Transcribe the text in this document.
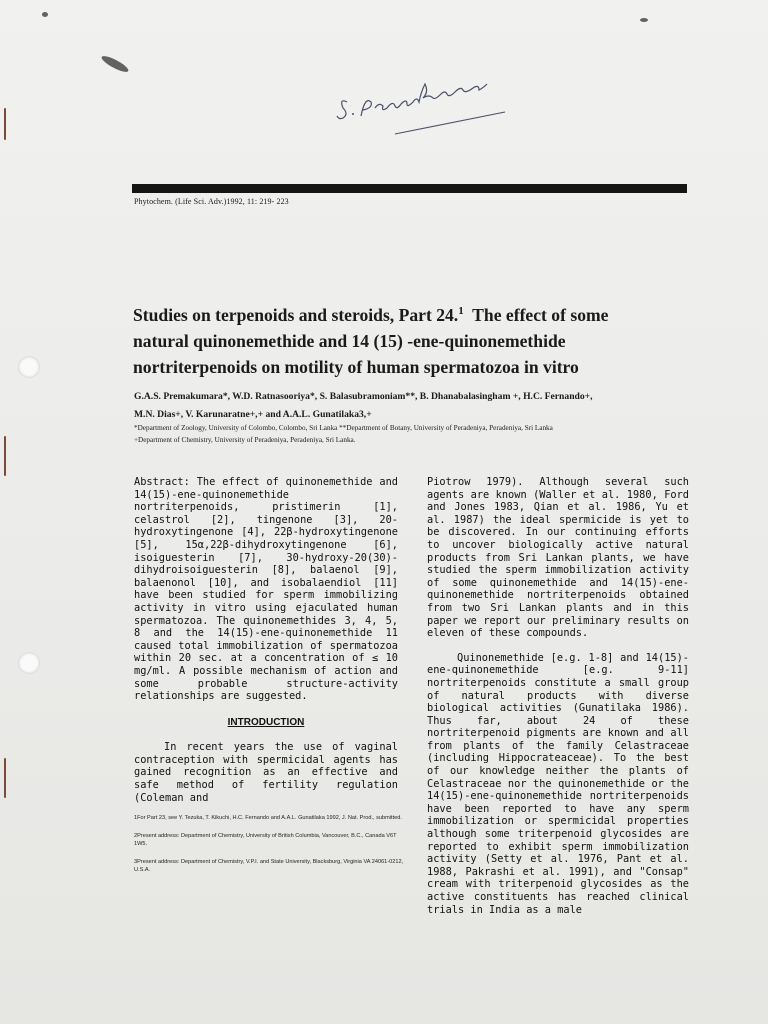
Phytochem. (Life Sci. Adv.)1992, 11: 219- 223
Studies on terpenoids and steroids, Part 24.$^1$  The effect of some
natural quinonemethide and 14 (15) -ene-quinonemethide
nortriterpenoids on motility of human spermatozoa in vitro
G.A.S. Premakumara*, W.D. Ratnasooriya*, S. Balasubramoniam**, B. Dhanabalasingham +, H.C. Fernando+,
M.N. Dias+, V. Karunaratne+,+ and A.A.L. Gunatilaka3,+
*Department of Zoology, University of Colombo, Colombo, Sri Lanka **Department of Botany, University of Peradeniya, Peradeniya, Sri Lanka
+Department of Chemistry, University of Peradeniya, Peradeniya, Sri Lanka.

Abstract: The effect of quinonemethide and 14(15)-ene-quinonemethide nortriterpenoids, pristimerin [1], celastrol [2], tingenone [3], 20-hydroxytingenone [4], 22β-hydroxytingenone [5], 15α,22β-dihydroxytingenone [6], isoiguesterin [7], 30-hydroxy-20(30)-dihydroisoiguesterin [8], balaenol [9], balaenonol [10], and isobalaendiol [11] have been studied for sperm immobilizing activity in vitro using ejaculated human spermatozoa. The quinonemethides 3, 4, 5, 8 and the 14(15)-ene-quinonemethide 11 caused total immobilization of spermatozoa within 20 sec. at a concentration of ≤ 10 mg/ml. A possible mechanism of action and some probable structure-activity relationships are suggested.

INTRODUCTION

In recent years the use of vaginal contraception with spermicidal agents has gained recognition as an effective and safe method of fertility regulation (Coleman and

Piotrow 1979). Although several such agents are known (Waller et al. 1980, Ford and Jones 1983, Qian et al. 1986, Yu et al. 1987) the ideal spermicide is yet to be discovered. In our continuing efforts to uncover biologically active natural products from Sri Lankan plants, we have studied the sperm immobilization activity of some quinonemethide and 14(15)-ene-quinonemethide nortriterpenoids obtained from two Sri Lankan plants and in this paper we report our preliminary results on eleven of these compounds.

Quinonemethide [e.g. 1-8] and 14(15)-ene-quinonemethide [e.g. 9-11] nortriterpenoids constitute a small group of natural products with diverse biological activities (Gunatilaka 1986). Thus far, about 24 of these nortriterpenoid pigments are known and all from plants of the family Celastraceae (including Hippocrateaceae). To the best of our knowledge neither the plants of Celastraceae nor the quinonemethide or the 14(15)-ene-quinonemethide nortriterpenoids have been reported to have any sperm immobilization or spermicidal properties although some triterpenoid glycosides are reported to exhibit sperm immobilization activity (Setty et al. 1976, Pant et al. 1988, Pakrashi et al. 1991), and "Consap" cream with triterpenoid glycosides as the active constituents has reached clinical trials in India as a male

1For Part 23, see Y. Tezuka, T. Kikuchi, H.C. Fernando and A.A.L. Gunatilaka 1992, J. Nat. Prod., submitted.

2Present address: Department of Chemistry, University of British Columbia, Vancouver, B.C., Canada V6T 1W5.

3Present address: Department of Chemistry, V.P.I. and State University, Blacksburg, Virginia VA 24061-0212, U.S.A.
